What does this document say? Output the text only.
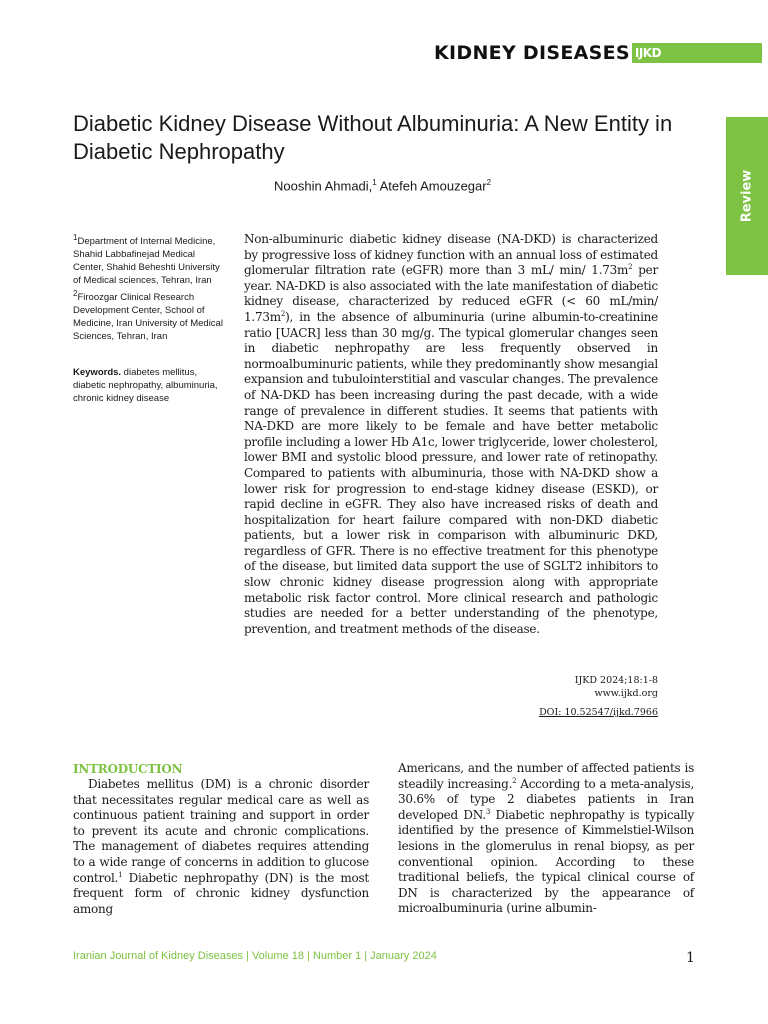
KIDNEY DISEASES IJKD
Review
Diabetic Kidney Disease Without Albuminuria: A New Entity in Diabetic Nephropathy
Nooshin Ahmadi,$^1$ Atefeh Amouzegar$^2$

$^1$Department of Internal Medicine, Shahid Labbafinejad Medical Center, Shahid Beheshti University of Medical sciences, Tehran, Iran

$^2$Firoozgar Clinical Research Development Center, School of Medicine, Iran University of Medical Sciences, Tehran, Iran

Keywords. diabetes mellitus, diabetic nephropathy, albuminuria, chronic kidney disease

Non-albuminuric diabetic kidney disease (NA-DKD) is characterized by progressive loss of kidney function with an annual loss of estimated glomerular filtration rate (eGFR) more than 3 mL/ min/ $1.73m^2$ per year. NA-DKD is also associated with the late manifestation of diabetic kidney disease, characterized by reduced eGFR (< 60 mL/min/ $1.73m^2$), in the absence of albuminuria (urine albumin-to-creatinine ratio [UACR] less than 30 mg/g. The typical glomerular changes seen in diabetic nephropathy are less frequently observed in normoalbuminuric patients, while they predominantly show mesangial expansion and tubulointerstitial and vascular changes. The prevalence of NA-DKD has been increasing during the past decade, with a wide range of prevalence in different studies. It seems that patients with NA-DKD are more likely to be female and have better metabolic profile including a lower Hb A1c, lower triglyceride, lower cholesterol, lower BMI and systolic blood pressure, and lower rate of retinopathy. Compared to patients with albuminuria, those with NA-DKD show a lower risk for progression to end-stage kidney disease (ESKD), or rapid decline in eGFR. They also have increased risks of death and hospitalization for heart failure compared with non-DKD diabetic patients, but a lower risk in comparison with albuminuric DKD, regardless of GFR. There is no effective treatment for this phenotype of the disease, but limited data support the use of SGLT2 inhibitors to slow chronic kidney disease progression along with appropriate metabolic risk factor control. More clinical research and pathologic studies are needed for a better understanding of the phenotype, prevention, and treatment methods of the disease.

IJKD 2024;18:1-8
www.ijkd.org
DOI: 10.52547/ijkd.7966
INTRODUCTION

Diabetes mellitus (DM) is a chronic disorder that necessitates regular medical care as well as continuous patient training and support in order to prevent its acute and chronic complications. The management of diabetes requires attending to a wide range of concerns in addition to glucose control.$^1$ Diabetic nephropathy (DN) is the most frequent form of chronic kidney dysfunction among

Americans, and the number of affected patients is steadily increasing.$^2$ According to a meta-analysis, 30.6% of type 2 diabetes patients in Iran developed DN.$^3$ Diabetic nephropathy is typically identified by the presence of Kimmelstiel-Wilson lesions in the glomerulus in renal biopsy, as per conventional opinion. According to these traditional beliefs, the typical clinical course of DN is characterized by the appearance of microalbuminuria (urine albumin-

Iranian Journal of Kidney Diseases | Volume 18 | Number 1 | January 2024	1
